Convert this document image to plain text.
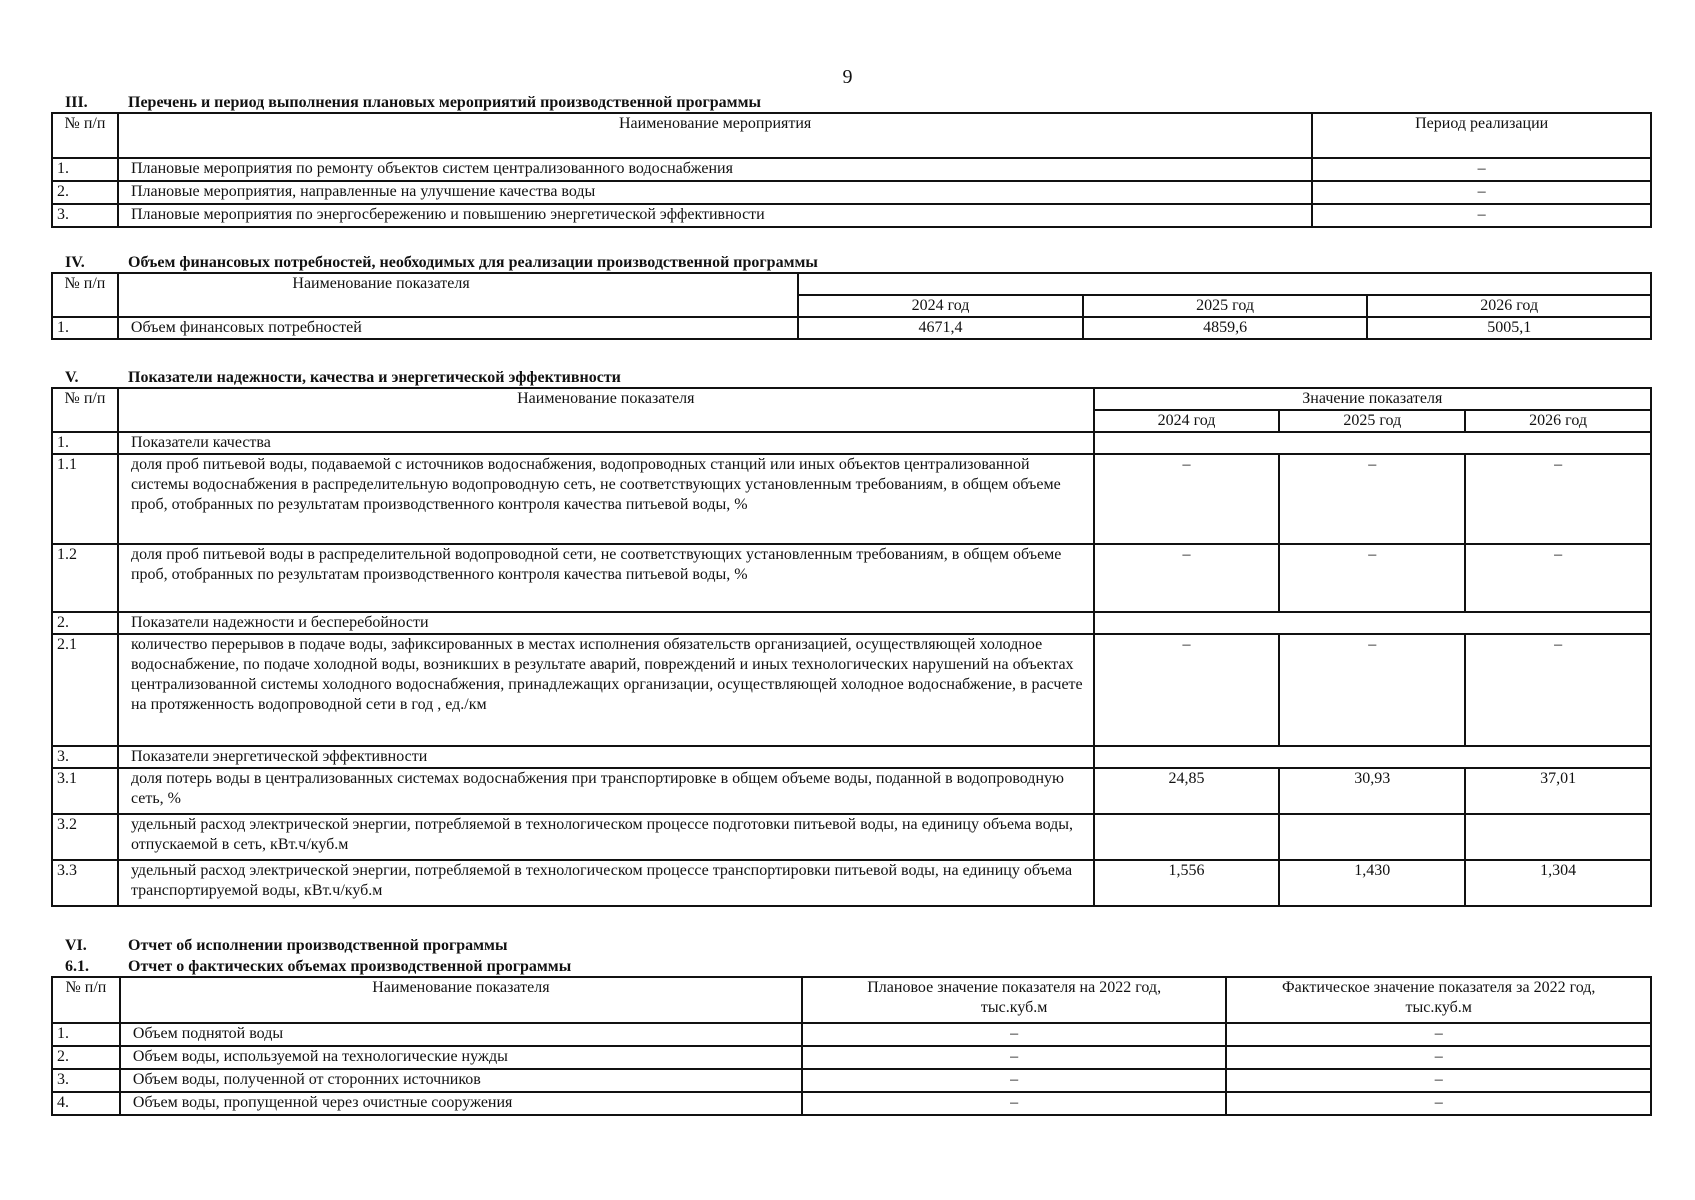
9
III.	Перечень и период выполнения плановых мероприятий производственной программы
№ п/п	Наименование мероприятия	Период реализации
1.	Плановые мероприятия по ремонту объектов систем централизованного водоснабжения	–
2.	Плановые мероприятия, направленные на улучшение качества воды	–
3.	Плановые мероприятия по энергосбережению и повышению энергетической эффективности	–
IV.	Объем финансовых потребностей, необходимых для реализации производственной программы
№ п/п	Наименование показателя			
		2024 год	2025 год	2026 год
1.	Объем финансовых потребностей	4671,4	4859,6	5005,1
V.	Показатели надежности, качества и энергетической эффективности
№ п/п	Наименование показателя	Значение показателя		
		2024 год	2025 год	2026 год
1.	Показатели качества			
1.1	доля проб питьевой воды, подаваемой с источников водоснабжения, водопроводных станций или иных объектов централизованной системы водоснабжения в распределительную водопроводную сеть, не соответствующих установленным требованиям, в общем объеме проб, отобранных по результатам производственного контроля качества питьевой воды, %	–	–	–
1.2	доля проб питьевой воды в распределительной водопроводной сети, не соответствующих установленным требованиям, в общем объеме проб, отобранных по результатам производственного контроля качества питьевой воды, %	–	–	–
2.	Показатели надежности и бесперебойности			
2.1	количество перерывов в подаче воды, зафиксированных в местах исполнения обязательств организацией, осуществляющей холодное водоснабжение, по подаче холодной воды, возникших в результате аварий, повреждений и иных технологических нарушений на объектах централизованной системы холодного водоснабжения, принадлежащих организации, осуществляющей холодное водоснабжение, в расчете на протяженность водопроводной сети в год , ед./км	–	–	–
3.	Показатели энергетической эффективности			
3.1	доля потерь воды в централизованных системах водоснабжения при транспортировке в общем объеме воды, поданной в водопроводную сеть, %	24,85	30,93	37,01
3.2	удельный расход электрической энергии, потребляемой в технологическом процессе подготовки питьевой воды, на единицу объема воды, отпускаемой в сеть, кВт.ч/куб.м			
3.3	удельный расход электрической энергии, потребляемой в технологическом процессе транспортировки питьевой воды, на единицу объема транспортируемой воды, кВт.ч/куб.м	1,556	1,430	1,304
VI.	Отчет об исполнении производственной программы
6.1. Отчет о фактических объемах производственной программы
№ п/п	Наименование показателя	Плановое значение показателя на 2022 год, тыс.куб.м	Фактическое значение показателя за 2022 год, тыс.куб.м
1.	Объем поднятой воды	–	–
2.	Объем воды, используемой на технологические нужды	–	–
3.	Объем воды, полученной от сторонних источников	–	–
4.	Объем воды, пропущенной через очистные сооружения	–	–
